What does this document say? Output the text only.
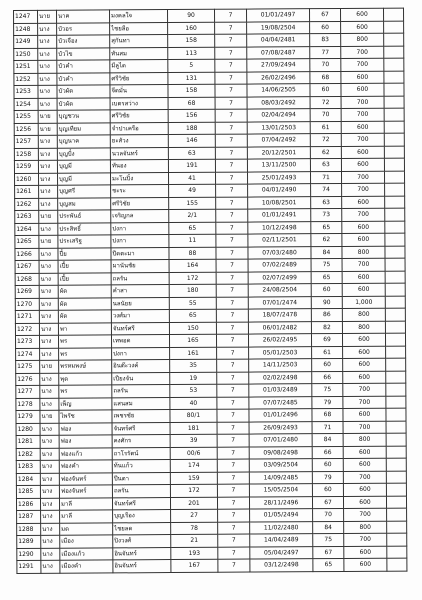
1247	นาย	นาค	มงคลใจ	90	7	01/01/2497	67	600	
1248	นาง	บัวอร	ไชยลือ	160	7	19/08/2504	60	600	
1249	นาง	บัวเจือง	สุกันทา	158	7	04/04/2481	83	800	
1250	นาง	บัวไข	ทันสม	113	7	07/08/2487	77	700	
1251	นาง	บัวคำ	มีลูได	5	7	27/09/2494	70	700	
1252	นาง	บัวคำ	ศรีวิชัย	131	7	26/02/2496	68	600	
1253	นาง	บัวผัด	จีดมั่น	158	7	14/06/2505	60	600	
1254	นาง	บัวผัด	เบตรสว่าง	68	7	08/03/2492	72	700	
1255	นาย	บุญชวน	ศรีวิชัย	156	7	02/04/2494	70	700	
1256	นาย	บุญเทียม	จำปาเครือ	188	7	13/01/2503	61	600	
1257	นาง	บุญนาค	ยะสัวง	146	7	07/04/2492	72	700	
1258	นาง	บุญปั๋ง	นวลจันทร์	63	7	20/12/2501	62	600	
1259	นาง	บุญมี	ทันอง	191	7	13/11/2500	63	600	
1260	นาง	บุญมี	มะโนปิ๋ง	41	7	25/01/2493	71	700	
1261	นาง	บุญศรี	ชะระ	49	7	04/01/2490	74	700	
1262	นาง	บุญสม	ศรีวิชัย	155	7	10/08/2501	63	600	
1263	นาย	ประพันธ์	เจริญกล	2/1	7	01/01/2491	73	700	
1264	นาง	ประสิทธิ์	ปงกา	65	7	10/12/2498	65	600	
1265	นาย	ประเสริฐ	ปงกา	11	7	02/11/2501	62	600	
1266	นาง	ปี๋ย	ปีดตะมา	88	7	07/03/2480	84	800	
1267	นาง	เปี้ย	มานันชัย	164	7	07/02/2489	75	700	
1268	นาง	เปี้ย	ถลรัน	172	7	02/07/2499	65	600	
1269	นาง	ผัด	คำสา	180	7	24/08/2504	60	600	
1270	นาง	ผัด	นลนัยย	55	7	07/01/2474	90	1,000	
1271	นาง	ผัด	วงศ์มา	65	7	18/07/2478	86	800	
1272	นาง	พา	จันทร์ศรี	150	7	06/01/2482	82	800	
1273	นาง	พร	เทพอด	165	7	26/02/2495	69	600	
1274	นาง	พร	ปงกา	161	7	05/01/2503	61	600	
1275	นาย	พรหมพงษ์	อินต๊ะวงค์	35	7	14/11/2503	60	600	
1276	นาง	พุด	เปียงจัน	19	7	02/02/2498	66	600	
1277	นาง	พร	ถลรัน	53	7	01/03/2489	75	700	
1278	นาง	เพ็ญ	แสนสม	40	7	07/07/2485	79	700	
1279	นาย	ไพรัช	เพชรชัย	80/1	7	01/01/2496	68	600	
1280	นาง	ฟอง	จันทร์ศรี	181	7	26/09/2493	71	700	
1281	นาง	ฟอง	คงศักร	39	7	07/01/2480	84	800	
1282	นาง	ฟองแก้ว	ถาโรรัตน์	00/6	7	09/08/2498	66	600	
1283	นาง	ฟองคำ	ท้นแก้ว	174	7	03/09/2504	60	600	
1284	นาง	ฟองจันทร์	ปีนตา	159	7	14/09/2485	79	700	
1285	นาง	ฟองจันทร์	ถลรัน	172	7	15/05/2504	60	600	
1286	นาง	มาลี	จันทร์ศรี	201	7	28/11/2496	67	600	
1287	นาง	มาลี	บุญเรือง	27	7	01/05/2494	70	700	
1288	นาง	มด	ไชยลด	78	7	11/02/2480	84	800	
1289	นาง	เมือง	ปิงวงศ์	21	7	14/04/2489	75	700	
1290	นาง	เมืองแก้ว	อินจันทร์	193	7	05/04/2497	67	600	
1291	นาง	เมืองคำ	อินจันทร์	167	7	03/12/2498	65	600	
